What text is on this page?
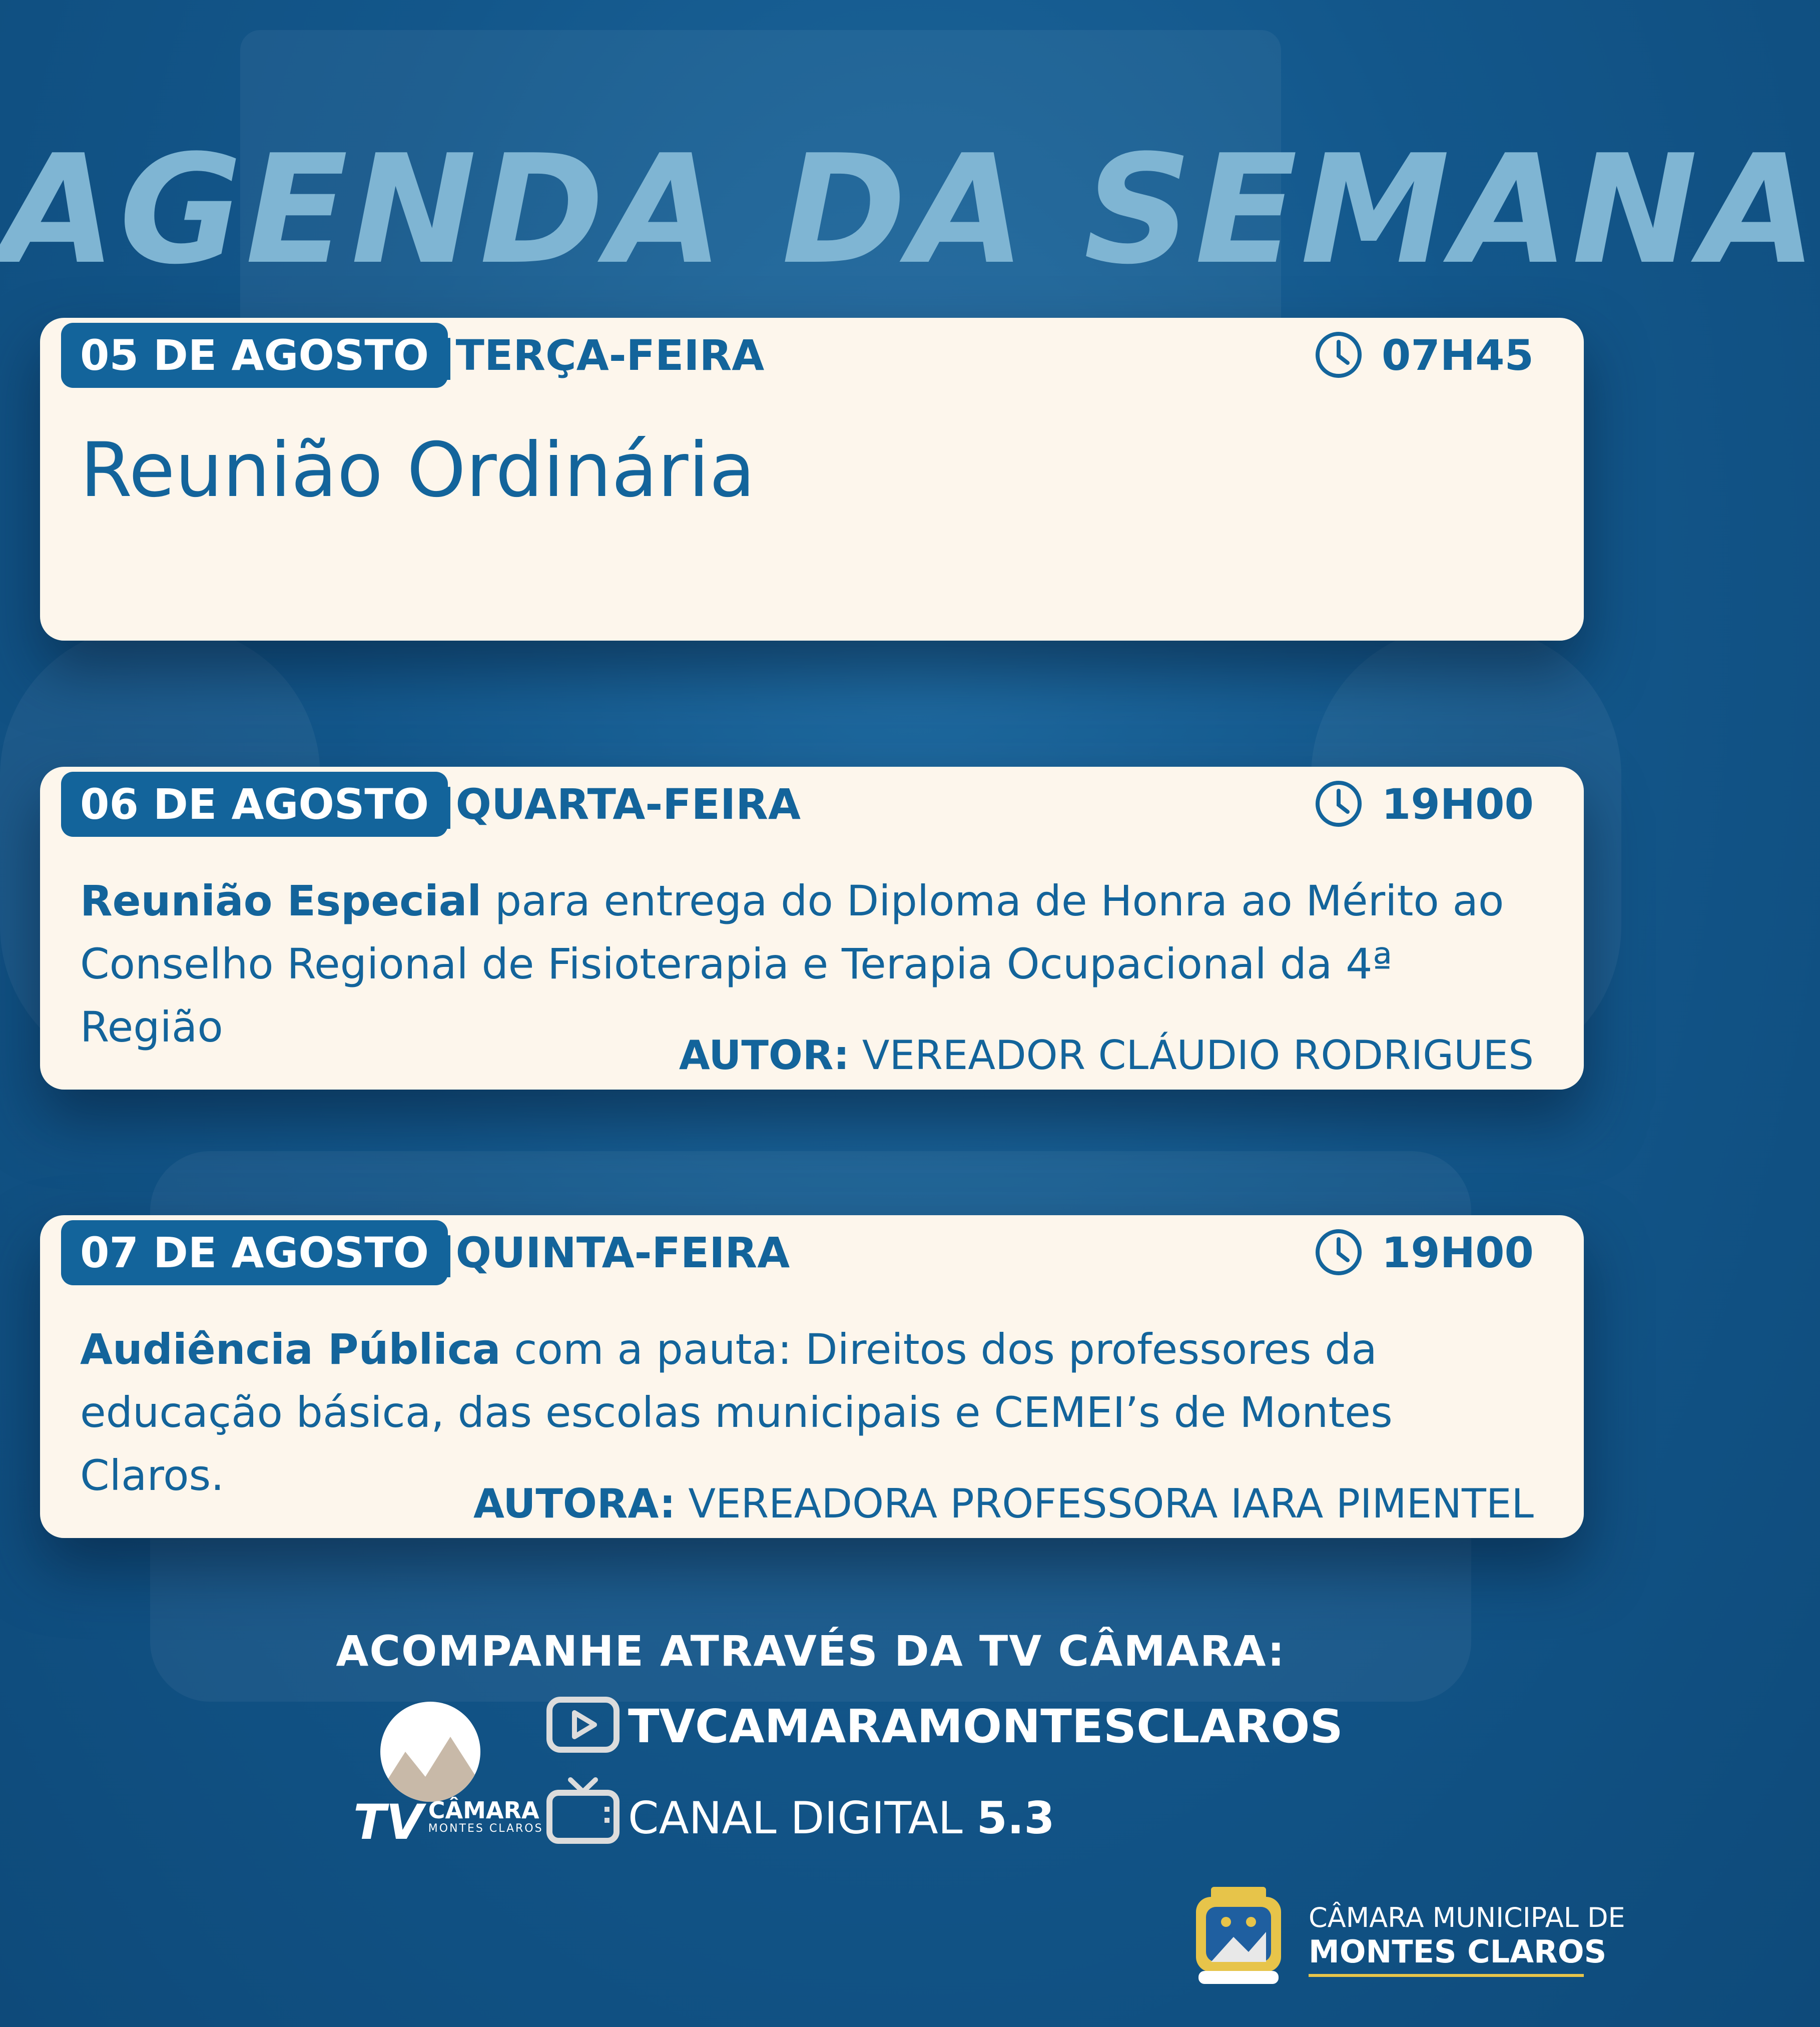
AGENDA DA SEMANA
05 DE AGOSTO |TERÇA-FEIRA	07H45
Reunião Ordinária
06 DE AGOSTO |QUARTA-FEIRA	19H00
Reunião Especial para entrega do Diploma de Honra ao Mérito ao Conselho Regional de Fisioterapia e Terapia Ocupacional da 4ª Região
AUTOR: VEREADOR CLÁUDIO RODRIGUES
07 DE AGOSTO |QUINTA-FEIRA	19H00
Audiência Pública com a pauta: Direitos dos professores da educação básica, das escolas municipais e CEMEI’s de Montes Claros.
AUTORA: VEREADORA PROFESSORA IARA PIMENTEL
ACOMPANHE ATRAVÉS DA TV CÂMARA:
TV CÂMARA
MONTES CLAROS
TVCAMARAMONTESCLAROS
CANAL DIGITAL 5.3
CÂMARA MUNICIPAL DE
MONTES CLAROS
